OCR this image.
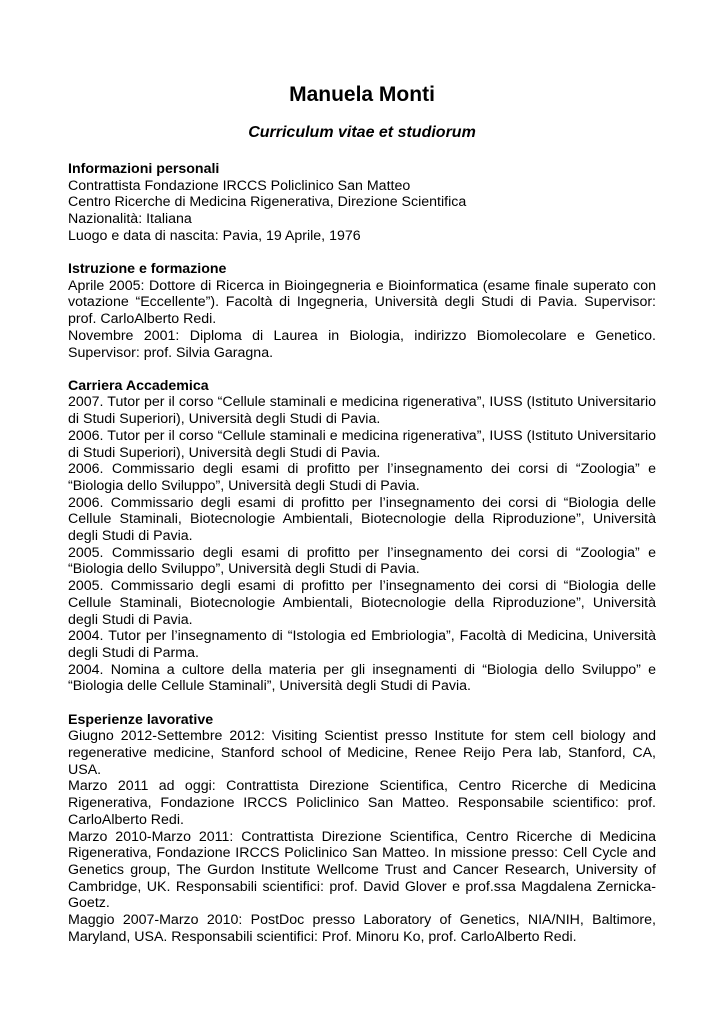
Manuela Monti
Curriculum vitae et studiorum
Informazioni personali
Contrattista Fondazione IRCCS Policlinico San Matteo
Centro Ricerche di Medicina Rigenerativa, Direzione Scientifica
Nazionalità: Italiana
Luogo e data di nascita: Pavia, 19 Aprile, 1976
Istruzione e formazione
Aprile 2005: Dottore di Ricerca in Bioingegneria e Bioinformatica (esame finale superato con votazione “Eccellente”). Facoltà di Ingegneria, Università degli Studi di Pavia. Supervisor: prof. CarloAlberto Redi.
Novembre 2001: Diploma di Laurea in Biologia, indirizzo Biomolecolare e Genetico. Supervisor: prof. Silvia Garagna.
Carriera Accademica
2007. Tutor per il corso “Cellule staminali e medicina rigenerativa”, IUSS (Istituto Universitario di Studi Superiori), Università degli Studi di Pavia.
2006. Tutor per il corso “Cellule staminali e medicina rigenerativa”, IUSS (Istituto Universitario di Studi Superiori), Università degli Studi di Pavia.
2006. Commissario degli esami di profitto per l’insegnamento dei corsi di “Zoologia” e “Biologia dello Sviluppo”, Università degli Studi di Pavia.
2006. Commissario degli esami di profitto per l’insegnamento dei corsi di “Biologia delle Cellule Staminali, Biotecnologie Ambientali, Biotecnologie della Riproduzione”, Università degli Studi di Pavia.
2005. Commissario degli esami di profitto per l’insegnamento dei corsi di “Zoologia” e “Biologia dello Sviluppo”, Università degli Studi di Pavia.
2005. Commissario degli esami di profitto per l’insegnamento dei corsi di “Biologia delle Cellule Staminali, Biotecnologie Ambientali, Biotecnologie della Riproduzione”, Università degli Studi di Pavia.
2004. Tutor per l’insegnamento di “Istologia ed Embriologia”, Facoltà di Medicina, Università degli Studi di Parma.
2004. Nomina a cultore della materia per gli insegnamenti di “Biologia dello Sviluppo” e “Biologia delle Cellule Staminali”, Università degli Studi di Pavia.
Esperienze lavorative
Giugno 2012-Settembre 2012: Visiting Scientist presso Institute for stem cell biology and regenerative medicine, Stanford school of Medicine, Renee Reijo Pera lab, Stanford, CA, USA.
Marzo 2011 ad oggi: Contrattista Direzione Scientifica, Centro Ricerche di Medicina Rigenerativa, Fondazione IRCCS Policlinico San Matteo. Responsabile scientifico: prof. CarloAlberto Redi.
Marzo 2010-Marzo 2011: Contrattista Direzione Scientifica, Centro Ricerche di Medicina Rigenerativa, Fondazione IRCCS Policlinico San Matteo. In missione presso: Cell Cycle and Genetics group, The Gurdon Institute Wellcome Trust and Cancer Research, University of Cambridge, UK. Responsabili scientifici: prof. David Glover e prof.ssa Magdalena Zernicka-Goetz.
Maggio 2007-Marzo 2010: PostDoc presso Laboratory of Genetics, NIA/NIH, Baltimore, Maryland, USA. Responsabili scientifici: Prof. Minoru Ko, prof. CarloAlberto Redi.
